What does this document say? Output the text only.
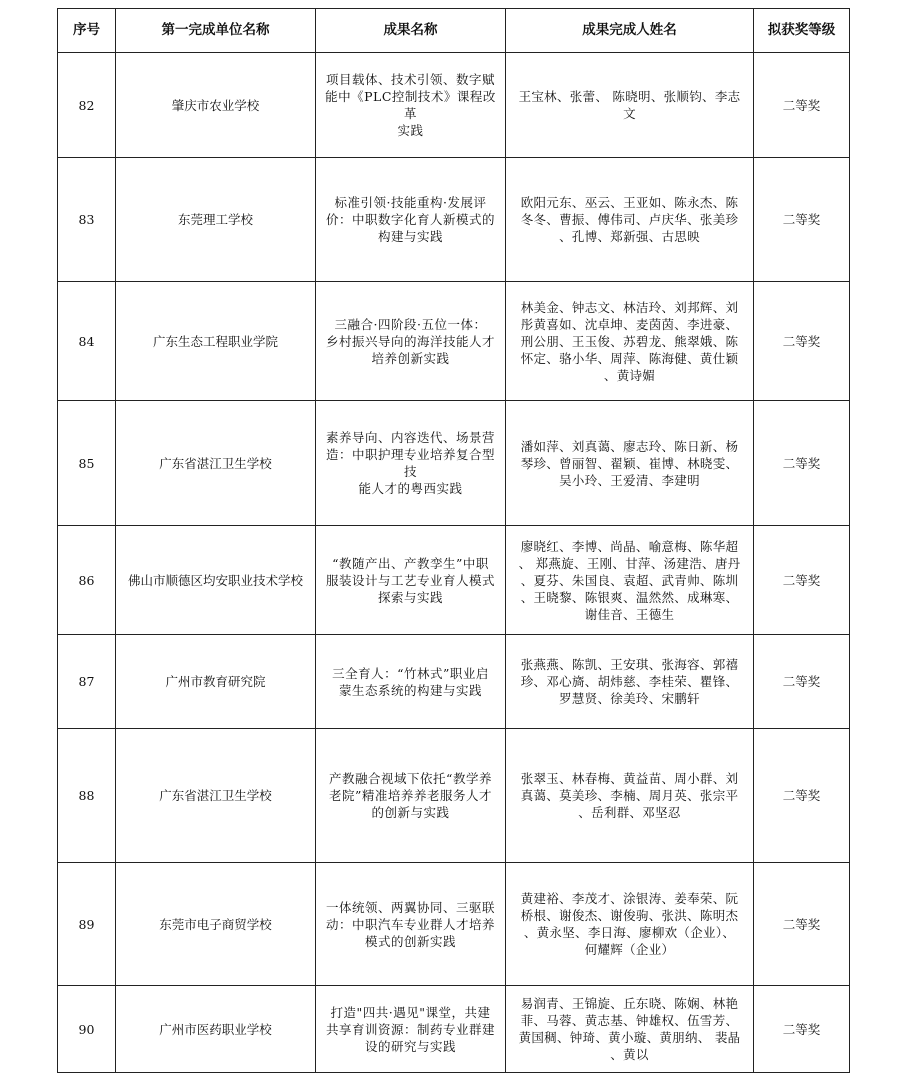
序号	第一完成单位名称	成果名称	成果完成人姓名	拟获奖等级
82	肇庆市农业学校	项目载体、技术引领、数字赋
能中《PLC控制技术》课程改革
实践	王宝林、张蕾、 陈晓明、张顺钧、李志
文	二等奖
83	东莞理工学校	标准引领·技能重构·发展评
价：中职数字化育人新模式的
构建与实践	欧阳元东、巫云、王亚如、陈永杰、陈
冬冬、曹振、傅伟司、卢庆华、张美珍
、孔博、郑新强、古思映	二等奖
84	广东生态工程职业学院	三融合·四阶段·五位一体：
乡村振兴导向的海洋技能人才
培养创新实践	林美金、钟志文、林洁玲、刘邦辉、刘
彤黄喜如、沈卓坤、麦茵茵、李进豪、
刑公朋、王玉俊、苏碧龙、熊翠娥、陈
怀定、骆小华、周萍、陈海健、黄仕颖
、黄诗媚	二等奖
85	广东省湛江卫生学校	素养导向、内容迭代、场景营
造：中职护理专业培养复合型技
能人才的粤西实践	潘如萍、刘真蔼、廖志玲、陈日新、杨
琴珍、曾丽智、翟颖、崔博、林晓雯、
吴小玲、王爱清、李建明	二等奖
86	佛山市顺德区均安职业技术学校	“教随产出、产教孪生”中职
服装设计与工艺专业育人模式
探索与实践	廖晓红、李博、尚晶、喻意梅、陈华超
、 郑燕旋、王刚、甘萍、汤建浩、唐丹
、夏芬、朱国良、袁超、武青帅、陈圳
、王晓黎、陈银爽、温然然、成琳寒、
谢佳音、王德生	二等奖
87	广州市教育研究院	三全育人：“竹林式”职业启
蒙生态系统的构建与实践	张燕燕、陈凯、王安琪、张海容、郭禧
珍、邓心旖、胡炜慈、李桂荣、瞿锋、
罗慧贤、徐美玲、宋鹏轩	二等奖
88	广东省湛江卫生学校	产教融合视域下依托“教学养
老院”精准培养养老服务人才
的创新与实践	张翠玉、林春梅、黄益苗、周小群、刘
真蔼、莫美珍、李楠、周月英、张宗平
、岳利群、邓坚忍	二等奖
89	东莞市电子商贸学校	一体统领、两翼协同、三驱联
动：中职汽车专业群人才培养
模式的创新实践	黄建裕、李茂才、涂银涛、姜奉荣、阮
桥根、谢俊杰、谢俊驹、张洪、陈明杰
、黄永坚、李日海、廖柳欢（企业）、
何耀辉（企业）	二等奖
90	广州市医药职业学校	打造"四共·遇见"课堂，共建
共享育训资源：制药专业群建
设的研究与实践	易润青、王锦旋、丘东晓、陈娴、林艳
菲、马蓉、黄志基、钟雄权、伍雪芳、
黄国稠、钟琦、黄小璇、黄朋纳、 裴晶
、黄以	二等奖
